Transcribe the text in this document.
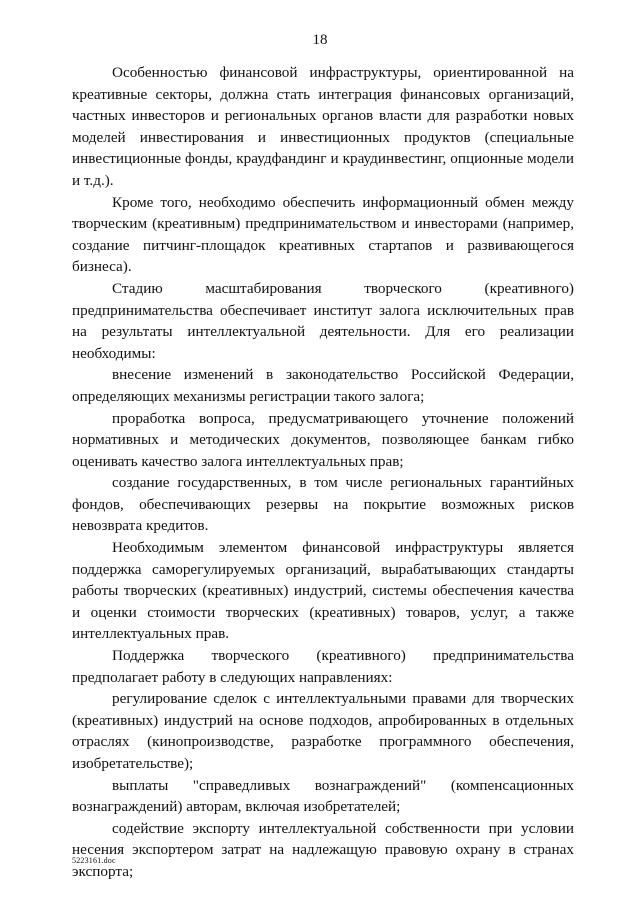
18

Особенностью финансовой инфраструктуры, ориентированной на креативные секторы, должна стать интеграция финансовых организаций, частных инвесторов и региональных органов власти для разработки новых моделей инвестирования и инвестиционных продуктов (специальные инвестиционные фонды, краудфандинг и краудинвестинг, опционные модели и т.д.).

Кроме того, необходимо обеспечить информационный обмен между творческим (креативным) предпринимательством и инвесторами (например, создание питчинг-площадок креативных стартапов и развивающегося бизнеса).

Стадию масштабирования творческого (креативного) предпринимательства обеспечивает институт залога исключительных прав на результаты интеллектуальной деятельности. Для его реализации необходимы:

внесение изменений в законодательство Российской Федерации, определяющих механизмы регистрации такого залога;

проработка вопроса, предусматривающего уточнение положений нормативных и методических документов, позволяющее банкам гибко оценивать качество залога интеллектуальных прав;

создание государственных, в том числе региональных гарантийных фондов, обеспечивающих резервы на покрытие возможных рисков невозврата кредитов.

Необходимым элементом финансовой инфраструктуры является поддержка саморегулируемых организаций, вырабатывающих стандарты работы творческих (креативных) индустрий, системы обеспечения качества и оценки стоимости творческих (креативных) товаров, услуг, а также интеллектуальных прав.

Поддержка творческого (креативного) предпринимательства предполагает работу в следующих направлениях:

регулирование сделок с интеллектуальными правами для творческих (креативных) индустрий на основе подходов, апробированных в отдельных отраслях (кинопроизводстве, разработке программного обеспечения, изобретательстве);

выплаты "справедливых вознаграждений" (компенсационных вознаграждений) авторам, включая изобретателей;

содействие экспорту интеллектуальной собственности при условии несения экспортером затрат на надлежащую правовую охрану в странах экспорта;

5223161.doc
